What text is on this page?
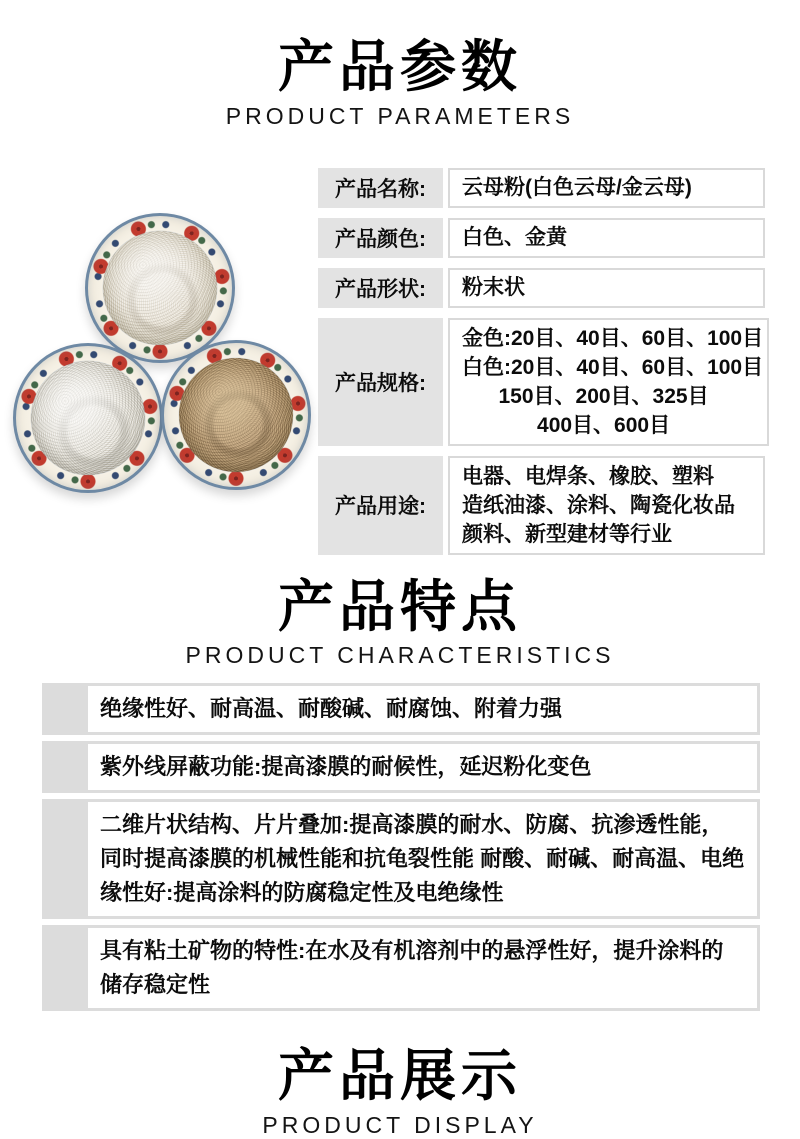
产品参数
PRODUCT PARAMETERS
产品名称:	云母粉(白色云母/金云母)
产品颜色:	白色、金黄
产品形状:	粉末状
产品规格:
金色:20目、40目、60目、100目
白色:20目、40目、60目、100目
150目、200目、325目
400目、600目
产品用途:
电器、电焊条、橡胶、塑料
造纸油漆、涂料、陶瓷化妆品
颜料、新型建材等行业
产品特点
PRODUCT CHARACTERISTICS
绝缘性好、耐高温、耐酸碱、耐腐蚀、附着力强
紫外线屏蔽功能:提高漆膜的耐候性，延迟粉化变色
二维片状结构、片片叠加:提高漆膜的耐水、防腐、抗渗透性能，同时提高漆膜的机械性能和抗龟裂性能 耐酸、耐碱、耐高温、电绝缘性好:提高涂料的防腐稳定性及电绝缘性
具有粘土矿物的特性:在水及有机溶剂中的悬浮性好，提升涂料的储存稳定性
产品展示
PRODUCT DISPLAY
